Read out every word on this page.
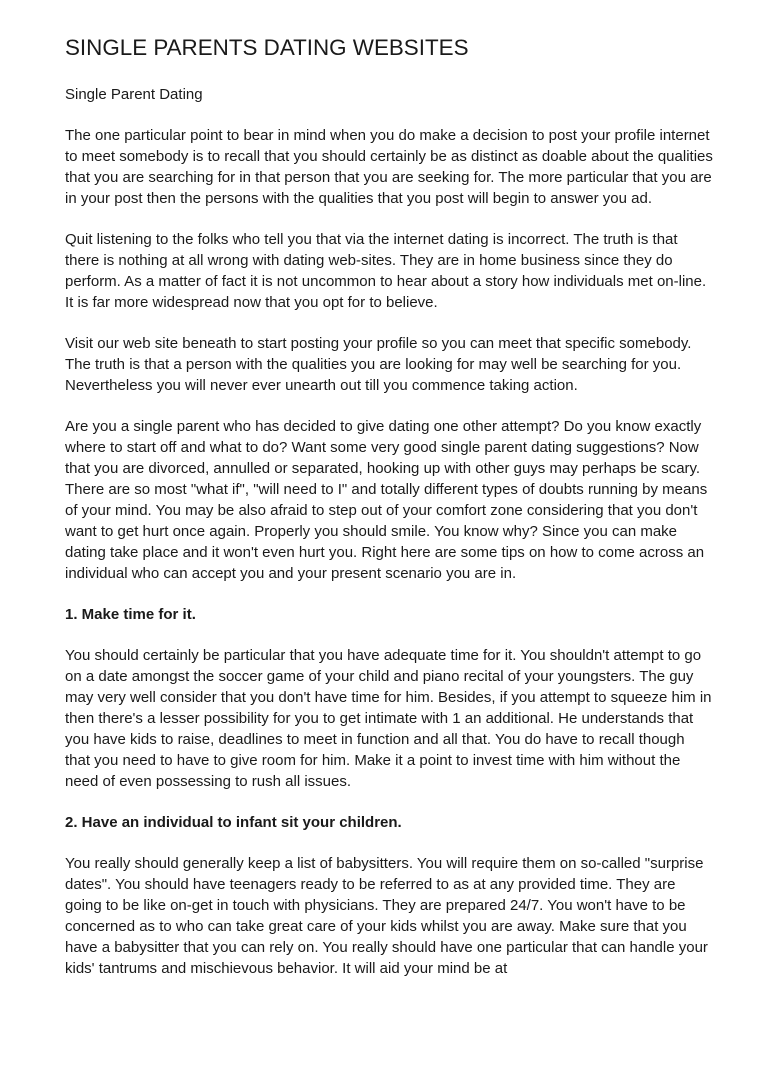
SINGLE PARENTS DATING WEBSITES

Single Parent Dating

The one particular point to bear in mind when you do make a decision to post your profile internet to meet somebody is to recall that you should certainly be as distinct as doable about the qualities that you are searching for in that person that you are seeking for. The more particular that you are in your post then the persons with the qualities that you post will begin to answer you ad.

Quit listening to the folks who tell you that via the internet dating is incorrect. The truth is that there is nothing at all wrong with dating web-sites. They are in home business since they do perform. As a matter of fact it is not uncommon to hear about a story how individuals met on-line. It is far more widespread now that you opt for to believe.

Visit our web site beneath to start posting your profile so you can meet that specific somebody. The truth is that a person with the qualities you are looking for may well be searching for you. Nevertheless you will never ever unearth out till you commence taking action.

Are you a single parent who has decided to give dating one other attempt? Do you know exactly where to start off and what to do? Want some very good single parent dating suggestions? Now that you are divorced, annulled or separated, hooking up with other guys may perhaps be scary. There are so most "what if", "will need to I" and totally different types of doubts running by means of your mind. You may be also afraid to step out of your comfort zone considering that you don't want to get hurt once again. Properly you should smile. You know why? Since you can make dating take place and it won't even hurt you. Right here are some tips on how to come across an individual who can accept you and your present scenario you are in.

1. Make time for it.

You should certainly be particular that you have adequate time for it. You shouldn't attempt to go on a date amongst the soccer game of your child and piano recital of your youngsters. The guy may very well consider that you don't have time for him. Besides, if you attempt to squeeze him in then there's a lesser possibility for you to get intimate with 1 an additional. He understands that you have kids to raise, deadlines to meet in function and all that. You do have to recall though that you need to have to give room for him. Make it a point to invest time with him without the need of even possessing to rush all issues.

2. Have an individual to infant sit your children.

You really should generally keep a list of babysitters. You will require them on so-called "surprise dates". You should have teenagers ready to be referred to as at any provided time. They are going to be like on-get in touch with physicians. They are prepared 24/7. You won't have to be concerned as to who can take great care of your kids whilst you are away. Make sure that you have a babysitter that you can rely on. You really should have one particular that can handle your kids' tantrums and mischievous behavior. It will aid your mind be at
